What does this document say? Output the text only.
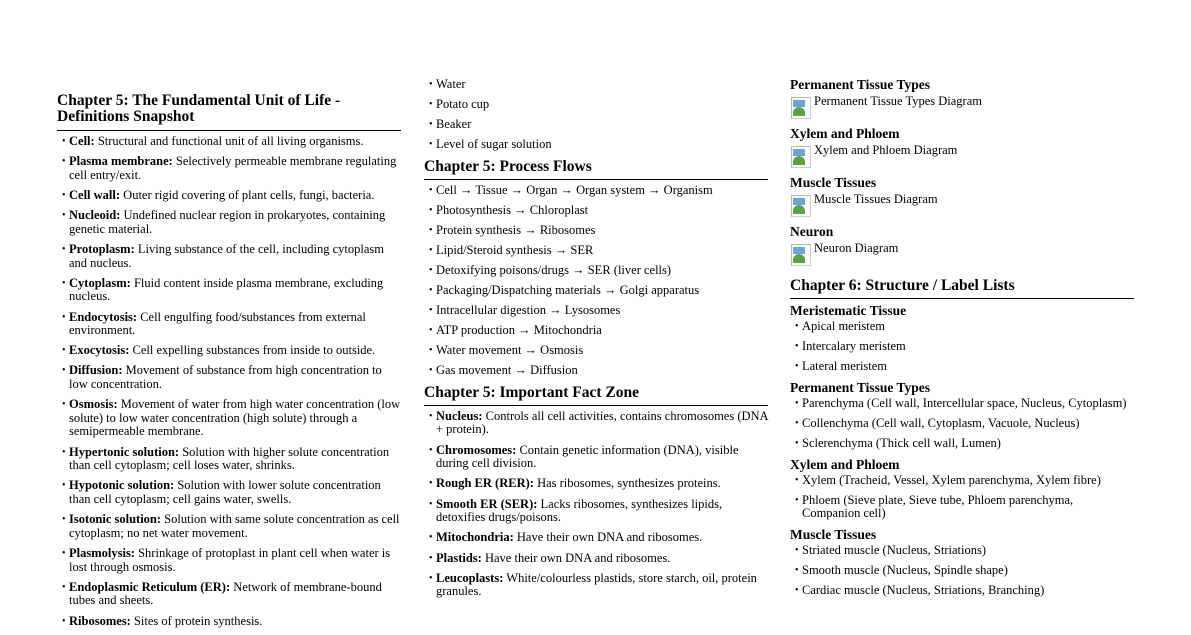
Chapter 5: The Fundamental Unit of Life - Definitions Snapshot
• Cell: Structural and functional unit of all living organisms.
• Plasma membrane: Selectively permeable membrane regulating cell entry/exit.
• Cell wall: Outer rigid covering of plant cells, fungi, bacteria.
• Nucleoid: Undefined nuclear region in prokaryotes, containing genetic material.
• Protoplasm: Living substance of the cell, including cytoplasm and nucleus.
• Cytoplasm: Fluid content inside plasma membrane, excluding nucleus.
• Endocytosis: Cell engulfing food/substances from external environment.
• Exocytosis: Cell expelling substances from inside to outside.
• Diffusion: Movement of substance from high concentration to low concentration.
• Osmosis: Movement of water from high water concentration (low solute) to low water concentration (high solute) through a semipermeable membrane.
• Hypertonic solution: Solution with higher solute concentration than cell cytoplasm; cell loses water, shrinks.
• Hypotonic solution: Solution with lower solute concentration than cell cytoplasm; cell gains water, swells.
• Isotonic solution: Solution with same solute concentration as cell cytoplasm; no net water movement.
• Plasmolysis: Shrinkage of protoplast in plant cell when water is lost through osmosis.
• Endoplasmic Reticulum (ER): Network of membrane-bound tubes and sheets.
• Ribosomes: Sites of protein synthesis.
• Water
• Potato cup
• Beaker
• Level of sugar solution
Chapter 5: Process Flows
• Cell → Tissue → Organ → Organ system → Organism
• Photosynthesis → Chloroplast
• Protein synthesis → Ribosomes
• Lipid/Steroid synthesis → SER
• Detoxifying poisons/drugs → SER (liver cells)
• Packaging/Dispatching materials → Golgi apparatus
• Intracellular digestion → Lysosomes
• ATP production → Mitochondria
• Water movement → Osmosis
• Gas movement → Diffusion
Chapter 5: Important Fact Zone
• Nucleus: Controls all cell activities, contains chromosomes (DNA + protein).
• Chromosomes: Contain genetic information (DNA), visible during cell division.
• Rough ER (RER): Has ribosomes, synthesizes proteins.
• Smooth ER (SER): Lacks ribosomes, synthesizes lipids, detoxifies drugs/poisons.
• Mitochondria: Have their own DNA and ribosomes.
• Plastids: Have their own DNA and ribosomes.
• Leucoplasts: White/colourless plastids, store starch, oil, protein granules.
Permanent Tissue Types
Permanent Tissue Types Diagram
Xylem and Phloem
Xylem and Phloem Diagram
Muscle Tissues
Muscle Tissues Diagram
Neuron
Neuron Diagram
Chapter 6: Structure / Label Lists
Meristematic Tissue
• Apical meristem
• Intercalary meristem
• Lateral meristem
Permanent Tissue Types
• Parenchyma (Cell wall, Intercellular space, Nucleus, Cytoplasm)
• Collenchyma (Cell wall, Cytoplasm, Vacuole, Nucleus)
• Sclerenchyma (Thick cell wall, Lumen)
Xylem and Phloem
• Xylem (Tracheid, Vessel, Xylem parenchyma, Xylem fibre)
• Phloem (Sieve plate, Sieve tube, Phloem parenchyma, Companion cell)
Muscle Tissues
• Striated muscle (Nucleus, Striations)
• Smooth muscle (Nucleus, Spindle shape)
• Cardiac muscle (Nucleus, Striations, Branching)
